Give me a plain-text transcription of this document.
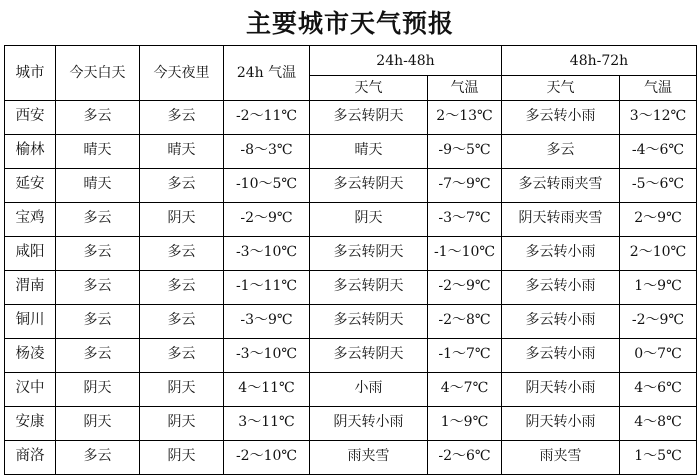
主要城市天气预报
城市	今天白天	今天夜里	24h 气温	24h-48h		48h-72h	
				天气	气温	天气	气温

西安	多云	多云	-2～11℃	多云转阴天	2～13℃	多云转小雨	3～12℃

榆林	晴天	晴天	-8～3℃	晴天	-9～5℃	多云	-4～6℃

延安	晴天	多云	-10～5℃	多云转阴天	-7～9℃	多云转雨夹雪	-5～6℃

宝鸡	多云	阴天	-2～9℃	阴天	-3～7℃	阴天转雨夹雪	2～9℃

咸阳	多云	多云	-3～10℃	多云转阴天	-1～10℃	多云转小雨	2～10℃

渭南	多云	多云	-1～11℃	多云转阴天	-2～9℃	多云转小雨	1～9℃

铜川	多云	多云	-3～9℃	多云转阴天	-2～8℃	多云转小雨	-2～9℃

杨凌	多云	多云	-3～10℃	多云转阴天	-1～7℃	多云转小雨	0～7℃

汉中	阴天	阴天	4～11℃	小雨	4～7℃	阴天转小雨	4～6℃

安康	阴天	阴天	3～11℃	阴天转小雨	1～9℃	阴天转小雨	4～8℃

商洛	多云	阴天	-2～10℃	雨夹雪	-2～6℃	雨夹雪	1～5℃
